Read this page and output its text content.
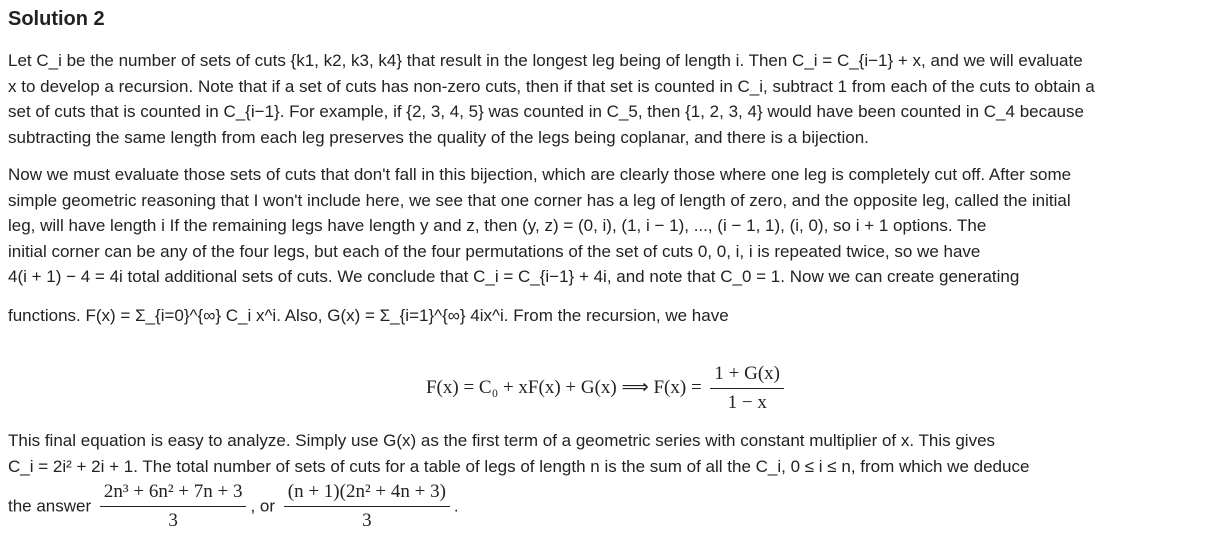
Solution 2
Let C_i be the number of sets of cuts {k1, k2, k3, k4} that result in the longest leg being of length i. Then C_i = C_{i−1} + x, and we will evaluate
x to develop a recursion. Note that if a set of cuts has non-zero cuts, then if that set is counted in C_i, subtract 1 from each of the cuts to obtain a
set of cuts that is counted in C_{i−1}. For example, if {2, 3, 4, 5} was counted in C_5, then {1, 2, 3, 4} would have been counted in C_4 because
subtracting the same length from each leg preserves the quality of the legs being coplanar, and there is a bijection.
Now we must evaluate those sets of cuts that don't fall in this bijection, which are clearly those where one leg is completely cut off. After some
simple geometric reasoning that I won't include here, we see that one corner has a leg of length of zero, and the opposite leg, called the initial
leg, will have length i If the remaining legs have length y and z, then (y, z) = (0, i), (1, i − 1), ..., (i − 1, 1), (i, 0), so i + 1 options. The
initial corner can be any of the four legs, but each of the four permutations of the set of cuts 0, 0, i, i is repeated twice, so we have
4(i + 1) − 4 = 4i total additional sets of cuts. We conclude that C_i = C_{i−1} + 4i, and note that C_0 = 1. Now we can create generating
functions. F(x) = Σ_{i=0}^{∞} C_i x^i. Also, G(x) = Σ_{i=1}^{∞} 4ix^i. From the recursion, we have
F(x) = C₀ + xF(x) + G(x) ⟹ $F(x) = \frac{1 + G(x)}{1 - x}$
This final equation is easy to analyze. Simply use G(x) as the first term of a geometric series with constant multiplier of x. This gives
C_i = 2i² + 2i + 1. The total number of sets of cuts for a table of legs of length n is the sum of all the C_i, 0 ≤ i ≤ n, from which we deduce
the answer $\frac{\text{2n³ + 6n² + 7n + 3}}{3}$ , or $\frac{\text{(n + 1)(2n² + 4n + 3)}}{3}$ .
